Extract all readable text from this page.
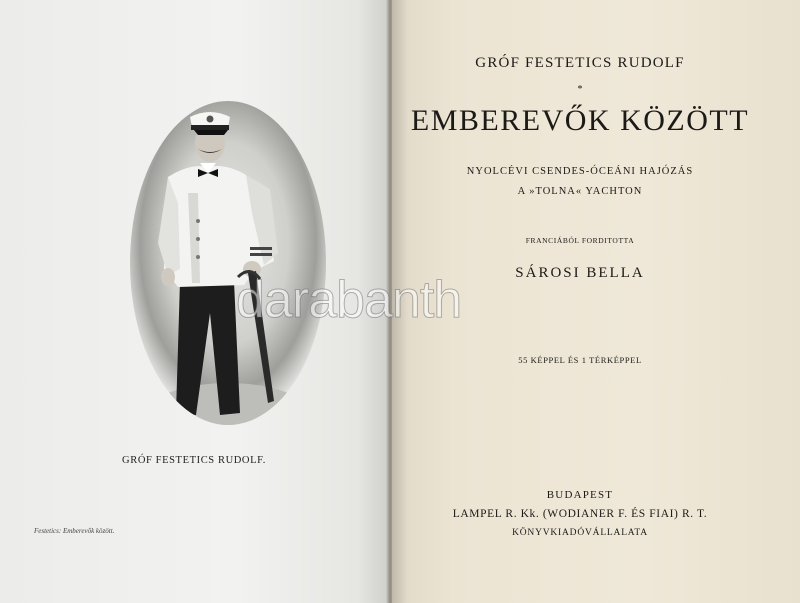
GRÓF FESTETICS RUDOLF.
Festetics: Emberevők között.
GRÓF FESTETICS RUDOLF
*
EMBEREVŐK KÖZÖTT
NYOLCÉVI CSENDES-ÓCEÁNI HAJÓZÁS
A »TOLNA« YACHTON
FRANCIÁBÓL FORDITOTTA
SÁROSI BELLA
55 KÉPPEL ÉS 1 TÉRKÉPPEL
BUDAPEST
LAMPEL R. Kk. (WODIANER F. ÉS FIAI) R. T.
KÖNYVKIADÓVÁLLALATA
darabanth
